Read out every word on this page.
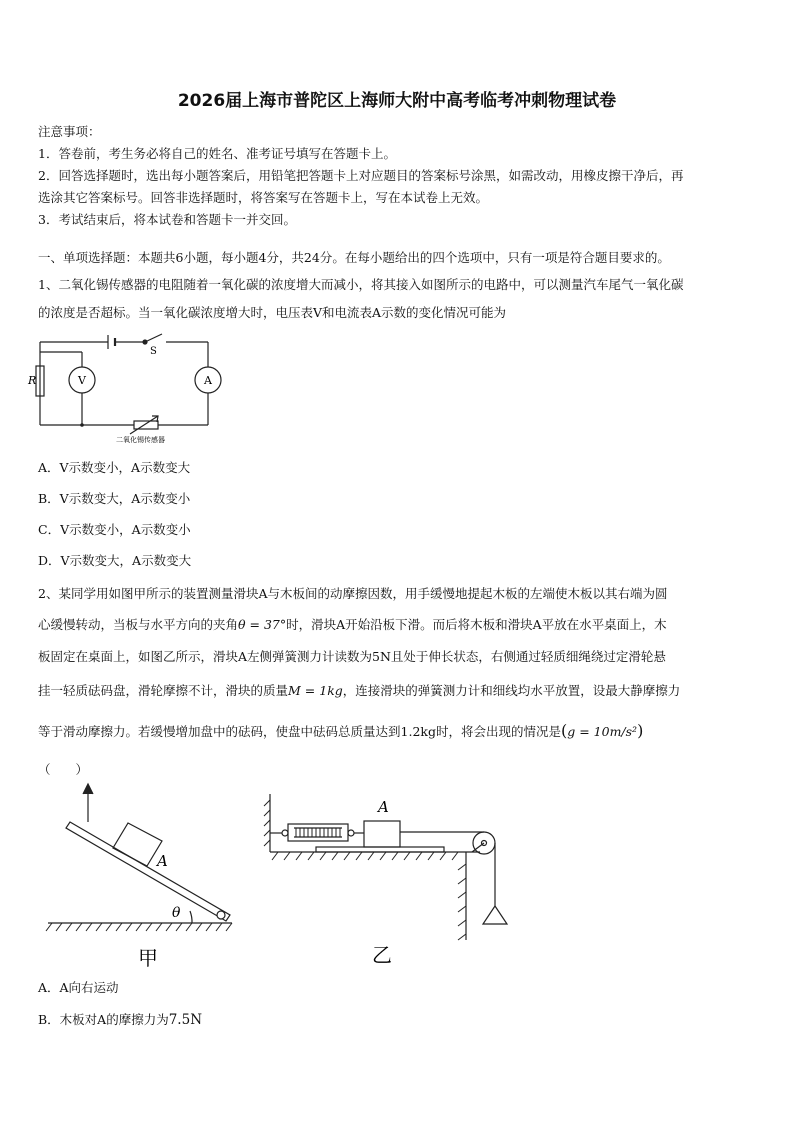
2026届上海市普陀区上海师大附中高考临考冲刺物理试卷
注意事项：
1．答卷前，考生务必将自己的姓名、准考证号填写在答题卡上。
2．回答选择题时，选出每小题答案后，用铅笔把答题卡上对应题目的答案标号涂黑，如需改动，用橡皮擦干净后，再
选涂其它答案标号。回答非选择题时，将答案写在答题卡上，写在本试卷上无效。
3．考试结束后，将本试卷和答题卡一并交回。
一、单项选择题：本题共6小题，每小题4分，共24分。在每小题给出的四个选项中，只有一项是符合题目要求的。
1、二氧化锡传感器的电阻随着一氧化碳的浓度增大而减小，将其接入如图所示的电路中，可以测量汽车尾气一氧化碳
的浓度是否超标。当一氧化碳浓度增大时，电压表V和电流表A示数的变化情况可能为
R	V	A
S
二氧化锡传感器
A．V示数变小，A示数变大
B．V示数变大，A示数变小
C．V示数变小，A示数变小
D．V示数变大，A示数变大
2、某同学用如图甲所示的装置测量滑块A与木板间的动摩擦因数，用手缓慢地提起木板的左端使木板以其右端为圆
心缓慢转动，当板与水平方向的夹角θ = 37°时，滑块A开始沿板下滑。而后将木板和滑块A平放在水平桌面上，木
板固定在桌面上，如图乙所示，滑块A左侧弹簧测力计读数为5N且处于伸长状态，右侧通过轻质细绳绕过定滑轮悬
挂一轻质砝码盘，滑轮摩擦不计，滑块的质量M = 1kg，连接滑块的弹簧测力计和细线均水平放置，设最大静摩擦力
等于滑动摩擦力。若缓慢增加盘中的砝码，使盘中砝码总质量达到1.2kg时，将会出现的情况是(g = 10m/s²)
（　　）
A
θ
甲
A
乙
A．A向右运动
B．木板对A的摩擦力为7.5N
